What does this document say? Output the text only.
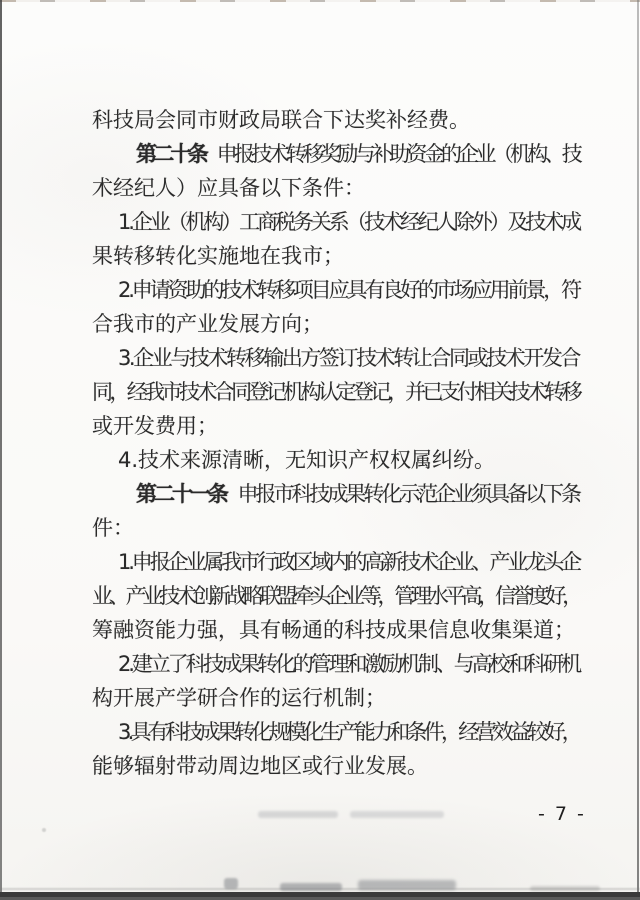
科技局会同市财政局联合下达奖补经费。
第二十条 申报技术转移奖励与补助资金的企业（机构、技
术经纪人）应具备以下条件：
1.企业（机构）工商税务关系（技术经纪人除外）及技术成
果转移转化实施地在我市；
2.申请资助的技术转移项目应具有良好的市场应用前景，符
合我市的产业发展方向；
3.企业与技术转移输出方签订技术转让合同或技术开发合
同，经我市技术合同登记机构认定登记，并已支付相关技术转移
或开发费用；
4.技术来源清晰，无知识产权权属纠纷。
第二十一条 申报市科技成果转化示范企业须具备以下条
件：
1.申报企业属我市行政区域内的高新技术企业、产业龙头企
业、产业技术创新战略联盟牵头企业等，管理水平高，信誉度好，
筹融资能力强，具有畅通的科技成果信息收集渠道；
2.建立了科技成果转化的管理和激励机制、与高校和科研机
构开展产学研合作的运行机制；
3.具有科技成果转化规模化生产能力和条件，经营效益较好，
能够辐射带动周边地区或行业发展。
- 7 -
